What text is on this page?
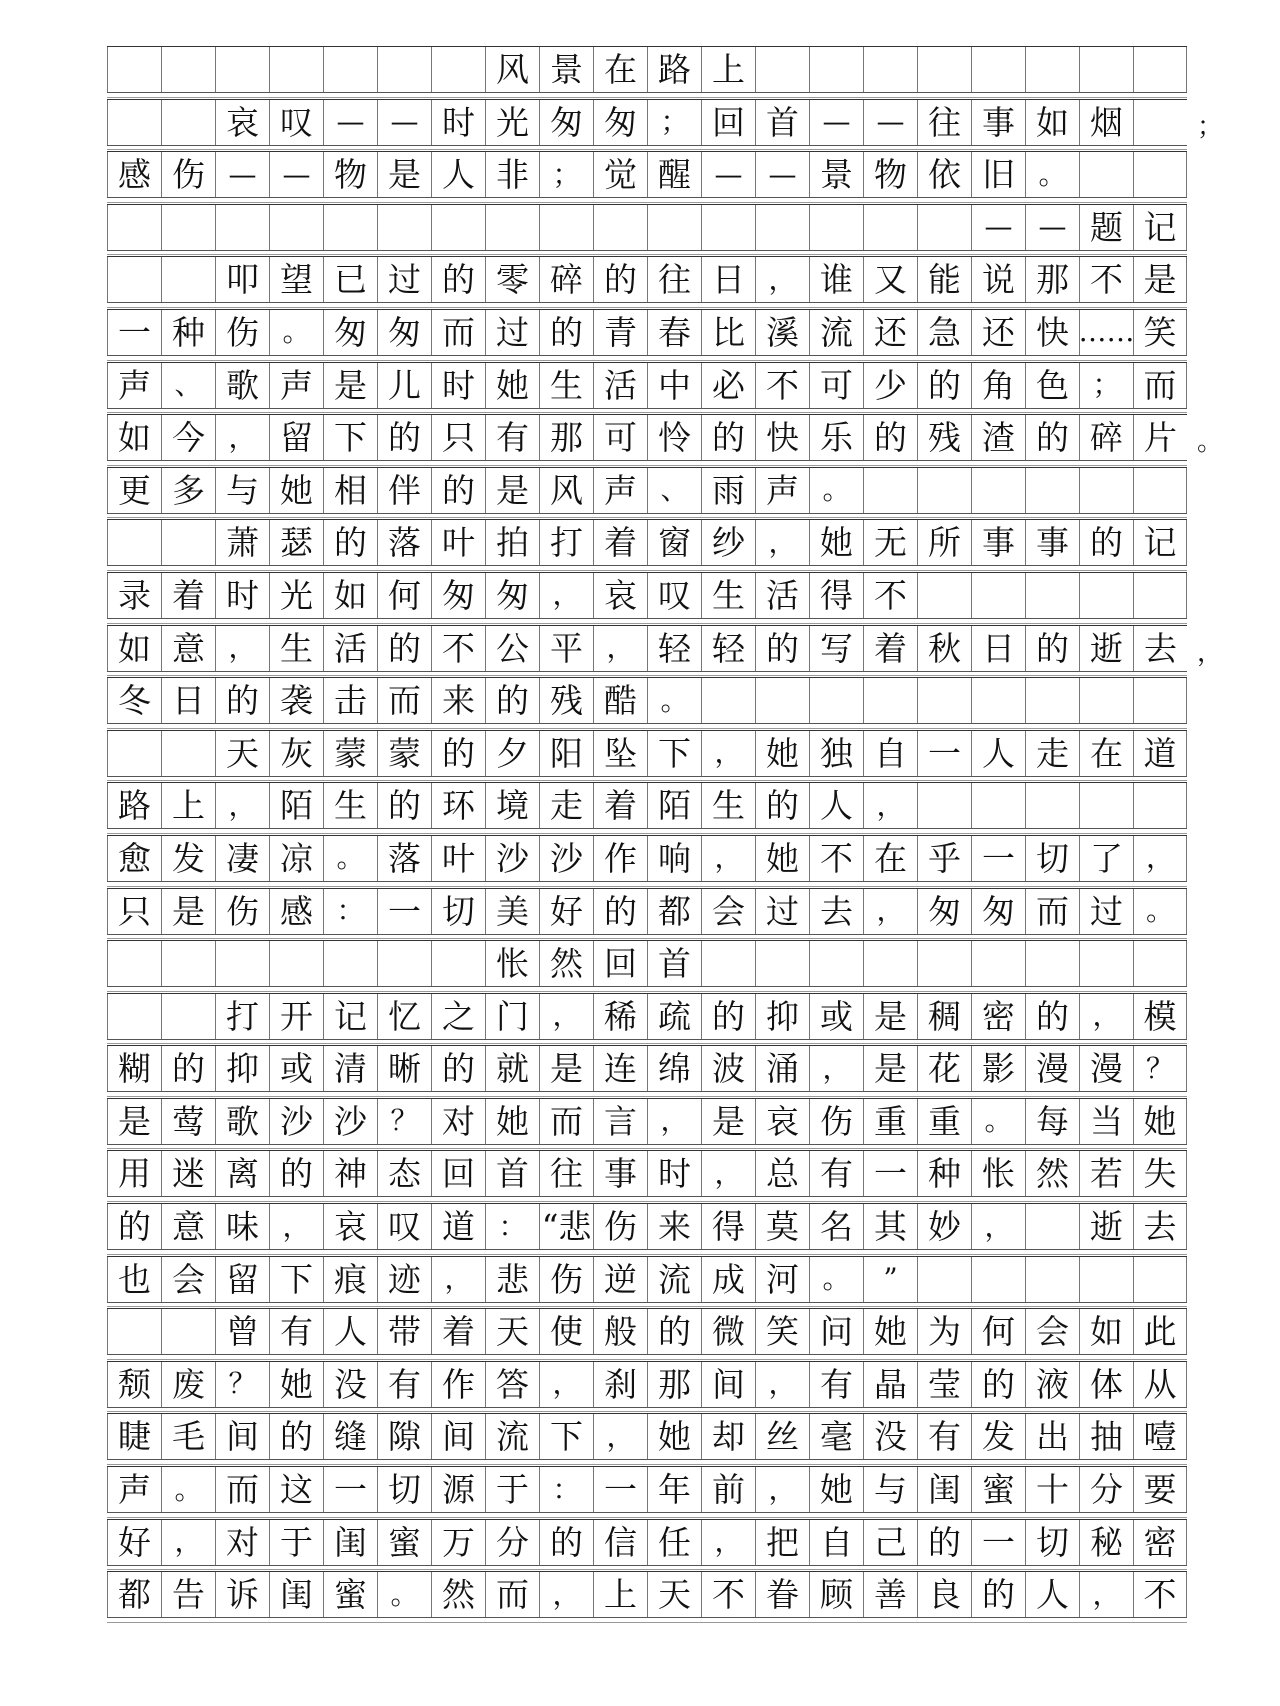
风 景 在 路 上
哀 叹 — — 时 光 匆 匆 ； 回 首 — — 往 事 如 烟	；
感 伤 — — 物 是 人 非 ； 觉 醒 — — 景 物 依 旧 。
— — 题 记
叩 望 已 过 的 零 碎 的 往 日 ， 谁 又 能 说 那 不 是
一 种 伤 。 匆 匆 而 过 的 青 春 比 溪 流 还 急 还 快 …… 笑
声 、 歌 声 是 儿 时 她 生 活 中 必 不 可 少 的 角 色 ； 而
如 今 ， 留 下 的 只 有 那 可 怜 的 快 乐 的 残 渣 的 碎 片 。
更 多 与 她 相 伴 的 是 风 声 、 雨 声 。
萧 瑟 的 落 叶 拍 打 着 窗 纱 ， 她 无 所 事 事 的 记
录 着 时 光 如 何 匆 匆 ， 哀 叹 生 活 得 不
如 意 ， 生 活 的 不 公 平 ， 轻 轻 的 写 着 秋 日 的 逝 去 ，
冬 日 的 袭 击 而 来 的 残 酷 。
天 灰 蒙 蒙 的 夕 阳 坠 下 ， 她 独 自 一 人 走 在 道
路 上 ， 陌 生 的 环 境 走 着 陌 生 的 人 ，
愈 发 凄 凉 。 落 叶 沙 沙 作 响 ， 她 不 在 乎 一 切 了 ，
只 是 伤 感 ： 一 切 美 好 的 都 会 过 去 ， 匆 匆 而 过 。
怅 然 回 首
打 开 记 忆 之 门 ， 稀 疏 的 抑 或 是 稠 密 的 ， 模
糊 的 抑 或 清 晰 的 就 是 连 绵 波 涌 ， 是 花 影 漫 漫 ？
是 莺 歌 沙 沙 ？ 对 她 而 言 ， 是 哀 伤 重 重 。 每 当 她
用 迷 离 的 神 态 回 首 往 事 时 ， 总 有 一 种 怅 然 若 失
的 意 味 ， 哀 叹 道 ： “悲 伤 来 得 莫 名 其 妙 ，	逝 去
也 会 留 下 痕 迹 ， 悲 伤 逆 流 成 河 。	”
曾 有 人 带 着 天 使 般 的 微 笑 问 她 为 何 会 如 此
颓 废 ？ 她 没 有 作 答 ， 刹 那 间 ， 有 晶 莹 的 液 体 从
睫 毛 间 的 缝 隙 间 流 下 ， 她 却 丝 毫 没 有 发 出 抽 噎
声 。 而 这 一 切 源 于 ： 一 年 前 ， 她 与 闺 蜜 十 分 要
好 ， 对 于 闺 蜜 万 分 的 信 任 ， 把 自 己 的 一 切 秘 密
都 告 诉 闺 蜜 。 然 而 ， 上 天 不 眷 顾 善 良 的 人 ， 不
